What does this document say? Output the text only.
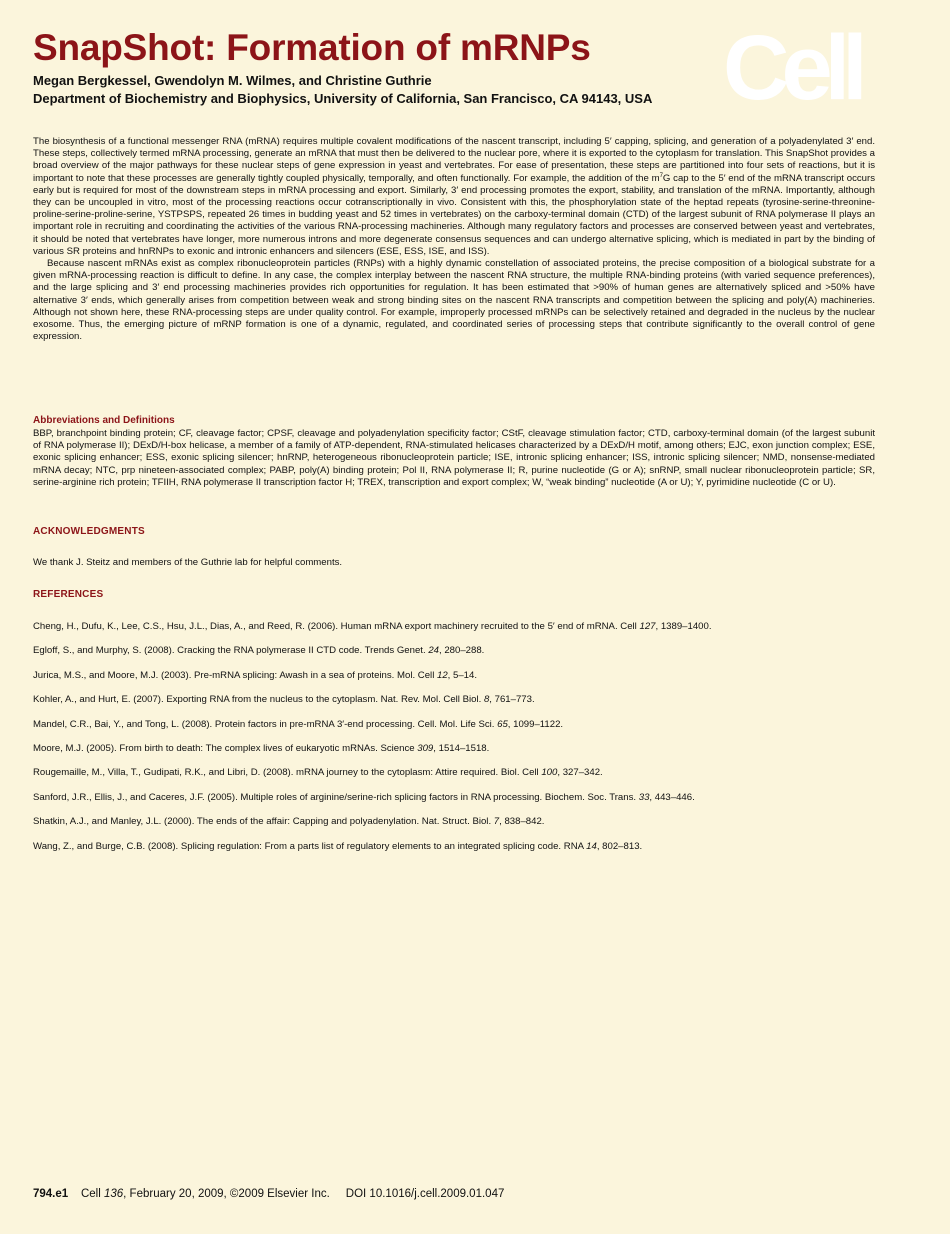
SnapShot: Formation of mRNPs
Megan Bergkessel, Gwendolyn M. Wilmes, and Christine Guthrie
Department of Biochemistry and Biophysics, University of California, San Francisco, CA 94143, USA Cell

The biosynthesis of a functional messenger RNA (mRNA) requires multiple covalent modifications of the nascent transcript, including 5′ capping, splicing, and generation of a polyadenylated 3′ end. These steps, collectively termed mRNA processing, generate an mRNA that must then be delivered to the nuclear pore, where it is exported to the cytoplasm for translation. This SnapShot provides a broad overview of the major pathways for these nuclear steps of gene expression in yeast and vertebrates. For ease of presentation, these steps are partitioned into four sets of reactions, but it is important to note that these processes are generally tightly coupled physically, temporally, and often functionally. For example, the addition of the $m^7G$ cap to the 5′ end of the mRNA transcript occurs early but is required for most of the downstream steps in mRNA processing and export. Similarly, 3′ end processing promotes the export, stability, and translation of the mRNA. Importantly, although they can be uncoupled in vitro, most of the processing reactions occur cotranscriptionally in vivo. Consistent with this, the phosphorylation state of the heptad repeats (tyrosine-serine-threonine-proline-serine-proline-serine, YSTPSPS, repeated 26 times in budding yeast and 52 times in vertebrates) on the carboxy-terminal domain (CTD) of the largest subunit of RNA polymerase II plays an important role in recruiting and coordinating the activities of the various RNA-processing machineries. Although many regulatory factors and processes are conserved between yeast and vertebrates, it should be noted that vertebrates have longer, more numerous introns and more degenerate consensus sequences and can undergo alternative splicing, which is mediated in part by the binding of various SR proteins and hnRNPs to exonic and intronic enhancers and silencers (ESE, ESS, ISE, and ISS).

Because nascent mRNAs exist as complex ribonucleoprotein particles (RNPs) with a highly dynamic constellation of associated proteins, the precise composition of a biological substrate for a given mRNA-processing reaction is difficult to define. In any case, the complex interplay between the nascent RNA structure, the multiple RNA-binding proteins (with varied sequence preferences), and the large splicing and 3′ end processing machineries provides rich opportunities for regulation. It has been estimated that >90% of human genes are alternatively spliced and >50% have alternative 3′ ends, which generally arises from competition between weak and strong binding sites on the nascent RNA transcripts and competition between the splicing and poly(A) machineries. Although not shown here, these RNA-processing steps are under quality control. For example, improperly processed mRNPs can be selectively retained and degraded in the nucleus by the nuclear exosome. Thus, the emerging picture of mRNP formation is one of a dynamic, regulated, and coordinated series of processing steps that contribute significantly to the overall control of gene expression.

Abbreviations and Definitions

BBP, branchpoint binding protein; CF, cleavage factor; CPSF, cleavage and polyadenylation specificity factor; CStF, cleavage stimulation factor; CTD, carboxy-terminal domain (of the largest subunit of RNA polymerase II); DExD/H-box helicase, a member of a family of ATP-dependent, RNA-stimulated helicases characterized by a DExD/H motif, among others; EJC, exon junction complex; ESE, exonic splicing enhancer; ESS, exonic splicing silencer; hnRNP, heterogeneous ribonucleoprotein particle; ISE, intronic splicing enhancer; ISS, intronic splicing silencer; NMD, nonsense-mediated mRNA decay; NTC, prp nineteen-associated complex; PABP, poly(A) binding protein; Pol II, RNA polymerase II; R, purine nucleotide (G or A); snRNP, small nuclear ribonucleoprotein particle; SR, serine-arginine rich protein; TFIIH, RNA polymerase II transcription factor H; TREX, transcription and export complex; W, “weak binding” nucleotide (A or U); Y, pyrimidine nucleotide (C or U).

ACKNOWLEDGMENTS

We thank J. Steitz and members of the Guthrie lab for helpful comments.

REFERENCES
Cheng, H., Dufu, K., Lee, C.S., Hsu, J.L., Dias, A., and Reed, R. (2006). Human mRNA export machinery recruited to the 5′ end of mRNA. Cell 127, 1389–1400.
Egloff, S., and Murphy, S. (2008). Cracking the RNA polymerase II CTD code. Trends Genet. 24, 280–288.
Jurica, M.S., and Moore, M.J. (2003). Pre-mRNA splicing: Awash in a sea of proteins. Mol. Cell 12, 5–14.
Kohler, A., and Hurt, E. (2007). Exporting RNA from the nucleus to the cytoplasm. Nat. Rev. Mol. Cell Biol. 8, 761–773.
Mandel, C.R., Bai, Y., and Tong, L. (2008). Protein factors in pre-mRNA 3′-end processing. Cell. Mol. Life Sci. 65, 1099–1122.
Moore, M.J. (2005). From birth to death: The complex lives of eukaryotic mRNAs. Science 309, 1514–1518.
Rougemaille, M., Villa, T., Gudipati, R.K., and Libri, D. (2008). mRNA journey to the cytoplasm: Attire required. Biol. Cell 100, 327–342.
Sanford, J.R., Ellis, J., and Caceres, J.F. (2005). Multiple roles of arginine/serine-rich splicing factors in RNA processing. Biochem. Soc. Trans. 33, 443–446.
Shatkin, A.J., and Manley, J.L. (2000). The ends of the affair: Capping and polyadenylation. Nat. Struct. Biol. 7, 838–842.
Wang, Z., and Burge, C.B. (2008). Splicing regulation: From a parts list of regulatory elements to an integrated splicing code. RNA 14, 802–813.
794.e1 Cell 136, February 20, 2009, ©2009 Elsevier Inc. DOI 10.1016/j.cell.2009.01.047
